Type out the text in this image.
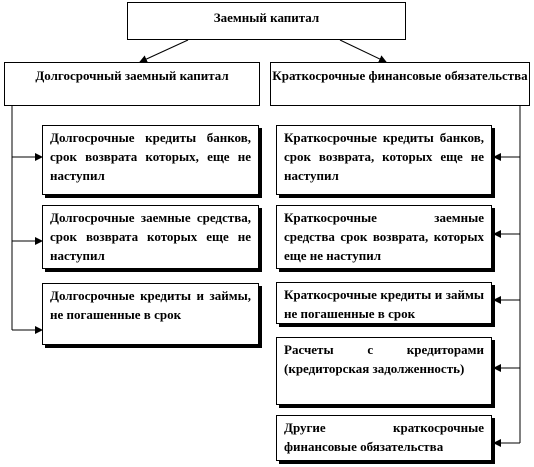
Заемный капитал
Долгосрочный заемный капитал	Краткосрочные финансовые обязательства
Долгосрочные кредиты банков, срок возврата которых, еще не наступил
Долгосрочные заемные средства, срок возврата которых еще не наступил
Долгосрочные кредиты и займы, не погашенные в срок
Краткосрочные кредиты банков, срок возврата, которых еще не наступил
Краткосрочные заемные средства срок возврата, которых еще не наступил
Краткосрочные кредиты и займы не погашенные в срок
Расчеты с кредиторами (кредиторская задолженность)
Другие краткосрочные финансовые обязательства
